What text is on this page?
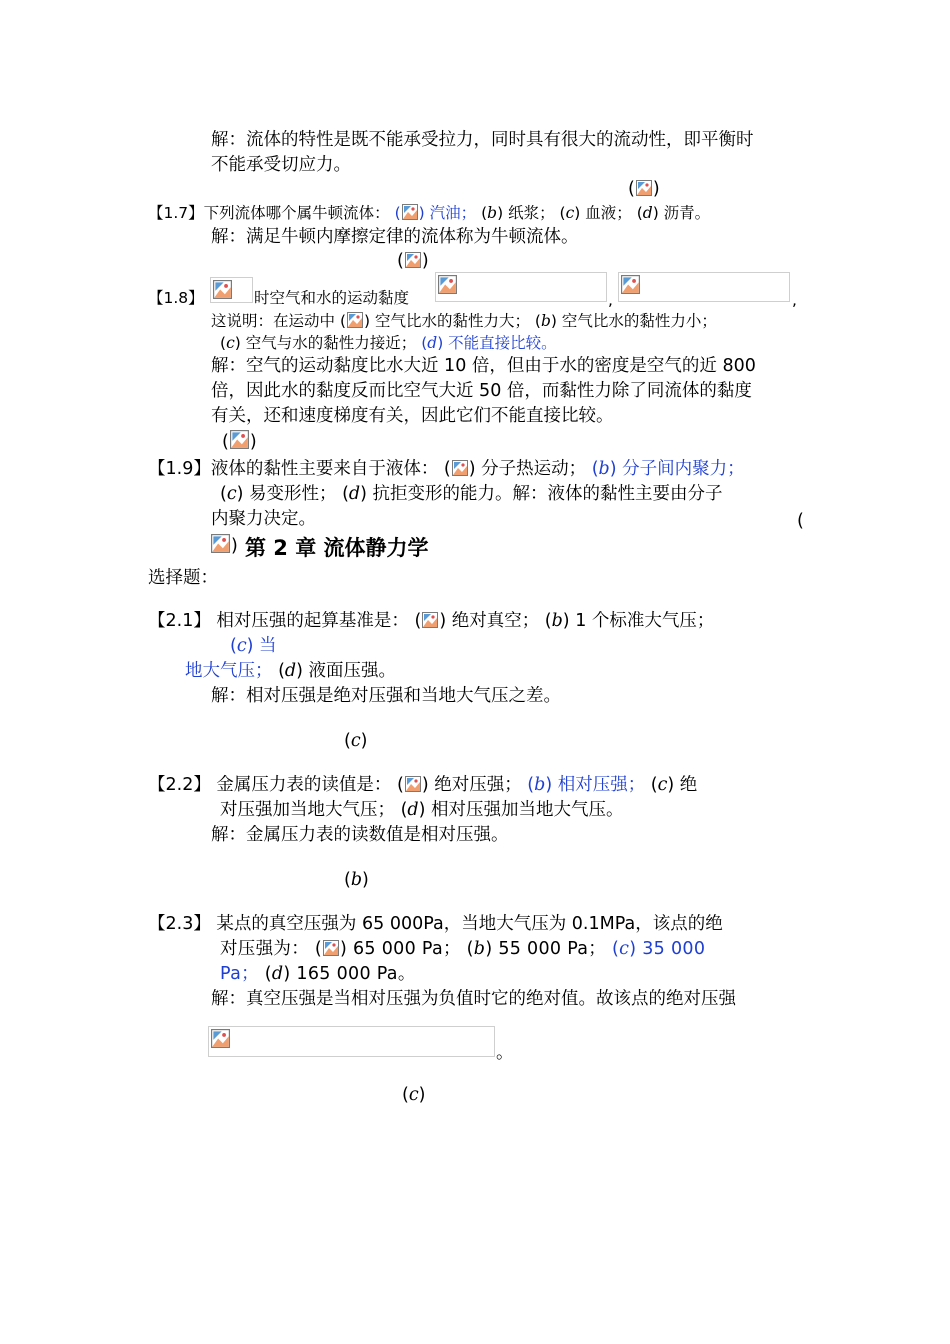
解：流体的特性是既不能承受拉力，同时具有很大的流动性，即平衡时
不能承受切应力。
( )
【1.7】下列流体哪个属牛顿流体： ( ) 汽油； (b) 纸浆； (c) 血液； (d) 沥青。
解：满足牛顿内摩擦定律的流体称为牛顿流体。
( )
【1.8】	时空气和水的运动黏度	,	,
这说明：在运动中 ( ) 空气比水的黏性力大； (b) 空气比水的黏性力小；
(c) 空气与水的黏性力接近； (d) 不能直接比较。
解：空气的运动黏度比水大近 10 倍，但由于水的密度是空气的近 800
倍，因此水的黏度反而比空气大近 50 倍，而黏性力除了同流体的黏度
有关，还和速度梯度有关，因此它们不能直接比较。
( )
【1.9】液体的黏性主要来自于液体： ( ) 分子热运动； (b) 分子间内聚力；
(c) 易变形性； (d) 抗拒变形的能力。解：液体的黏性主要由分子
内聚力决定。	(
) 第 2 章 流体静力学
选择题：
【2.1】 相对压强的起算基准是： ( ) 绝对真空； (b) 1 个标准大气压；
(c) 当
地大气压； (d) 液面压强。
解：相对压强是绝对压强和当地大气压之差。
(c)
【2.2】 金属压力表的读值是： ( ) 绝对压强； (b) 相对压强； (c) 绝
对压强加当地大气压； (d) 相对压强加当地大气压。
解：金属压力表的读数值是相对压强。
(b)
【2.3】 某点的真空压强为 65 000Pa，当地大气压为 0.1MPa，该点的绝
对压强为： ( ) 65 000 Pa； (b) 55 000 Pa； (c) 35 000
Pa； (d) 165 000 Pa。
解：真空压强是当相对压强为负值时它的绝对值。故该点的绝对压强
。
(c)
